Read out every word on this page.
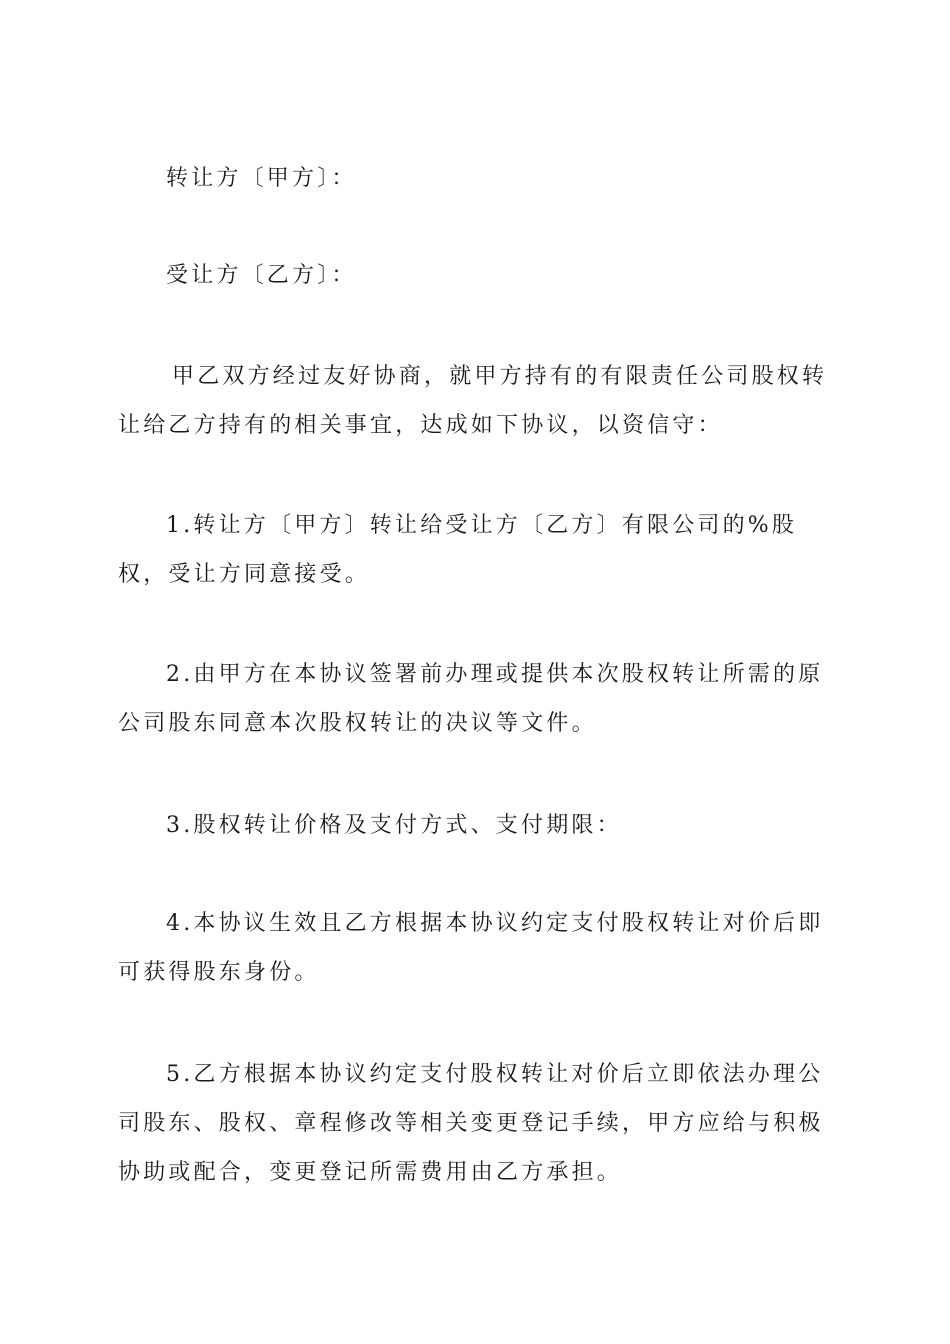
转让方〔甲方〕：

受让方〔乙方〕：

甲乙双方经过友好协商，就甲方持有的有限责任公司股权转让给乙方持有的相关事宜，达成如下协议，以资信守：

1.转让方〔甲方〕转让给受让方〔乙方〕有限公司的%股权，受让方同意接受。

2.由甲方在本协议签署前办理或提供本次股权转让所需的原公司股东同意本次股权转让的决议等文件。

3.股权转让价格及支付方式、支付期限：

4.本协议生效且乙方根据本协议约定支付股权转让对价后即可获得股东身份。

5.乙方根据本协议约定支付股权转让对价后立即依法办理公司股东、股权、章程修改等相关变更登记手续，甲方应给与积极协助或配合，变更登记所需费用由乙方承担。
